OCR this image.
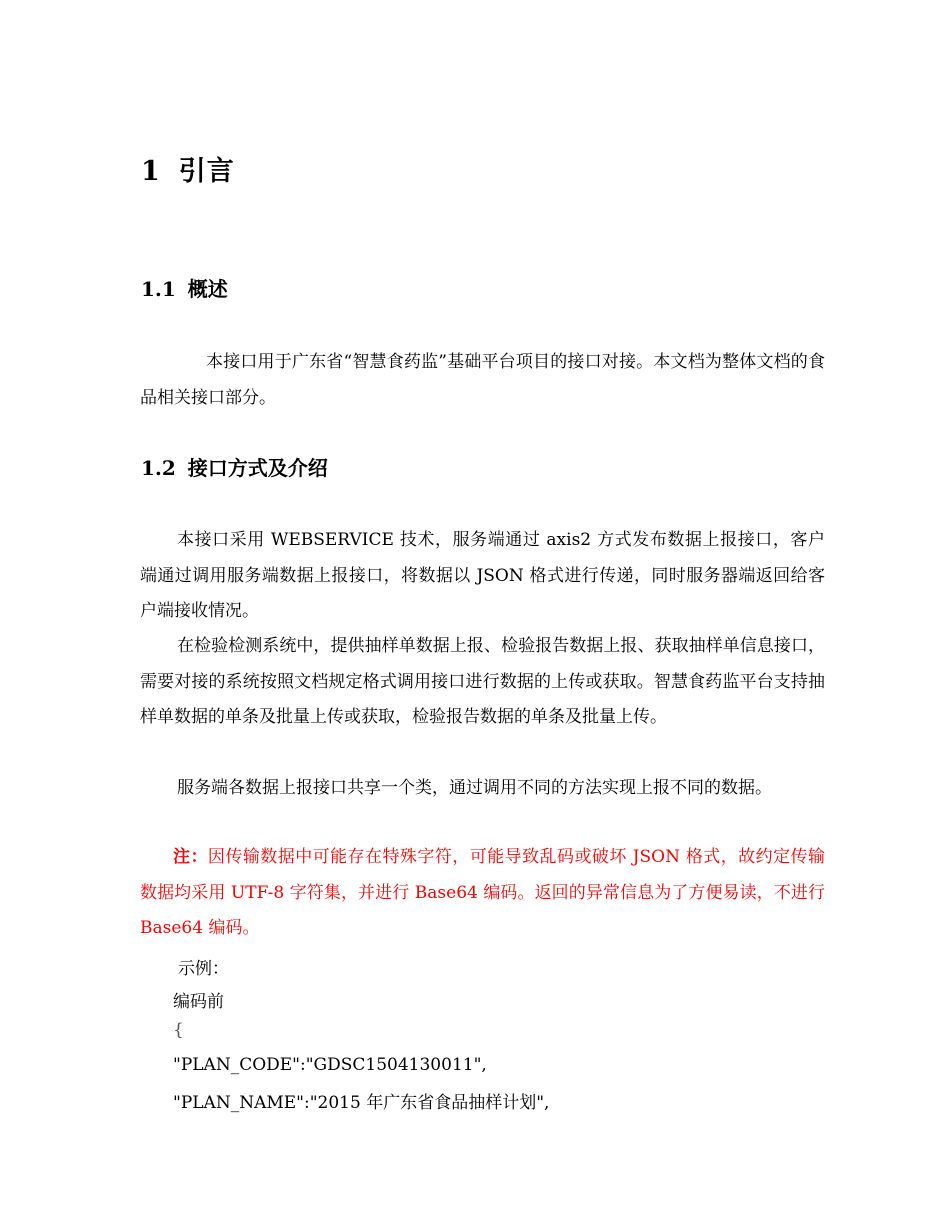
1 引言
1.1 概述
本接口用于广东省“智慧食药监”基础平台项目的接口对接。本文档为整体文档的食品相关接口部分。
1.2 接口方式及介绍
本接口采用 WEBSERVICE 技术，服务端通过 axis2 方式发布数据上报接口，客户端通过调用服务端数据上报接口，将数据以 JSON 格式进行传递，同时服务器端返回给客户端接收情况。
在检验检测系统中，提供抽样单数据上报、检验报告数据上报、获取抽样单信息接口，需要对接的系统按照文档规定格式调用接口进行数据的上传或获取。智慧食药监平台支持抽样单数据的单条及批量上传或获取，检验报告数据的单条及批量上传。
服务端各数据上报接口共享一个类，通过调用不同的方法实现上报不同的数据。
注：因传输数据中可能存在特殊字符，可能导致乱码或破坏 JSON 格式，故约定传输数据均采用 UTF-8 字符集，并进行 Base64 编码。返回的异常信息为了方便易读，不进行 Base64 编码。
示例：
编码前
{
"PLAN_CODE":"GDSC1504130011",
"PLAN_NAME":"2015 年广东省食品抽样计划",
